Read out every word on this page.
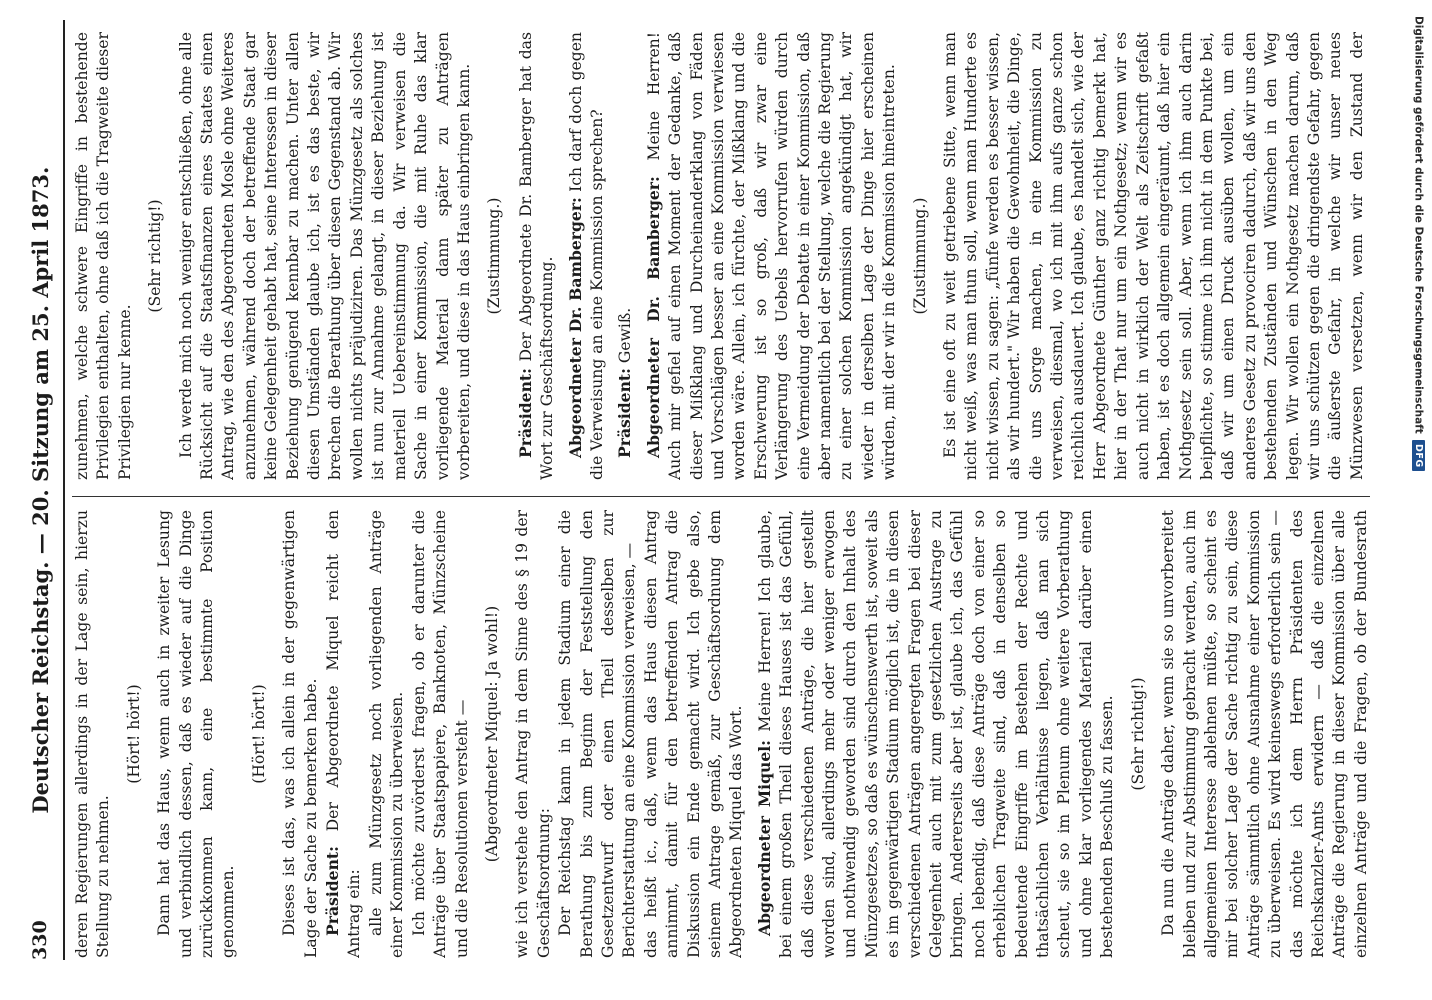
330
Deutscher Reichstag. — 20. Sitzung am 25. April 1873. deren Regierungen allerdings in der Lage sein, hierzu Stellung zu nehmen.

(Hört! hört!) Dann hat das Haus, wenn auch in zweiter Lesung und verbindlich dessen, daß es wieder auf die Dinge zurückkommen kann, eine bestimmte Position genommen.

(Hört! hört!) Dieses ist das, was ich allein in der gegenwärtigen Lage der Sache zu bemerken habe. Präsident: Der Abgeordnete Miquel reicht den Antrag ein: alle zum Münzgesetz noch vorliegenden Anträge einer Kommission zu überweisen. Ich möchte zuvörderst fragen, ob er darunter die Anträge über Staatspapiere, Banknoten, Münzscheine und die Resolutionen versteht — (Abgeordneter Miquel: Ja wohl!) wie ich verstehe den Antrag in dem Sinne des § 19 der Geschäftsordnung: Der Reichstag kann in jedem Stadium einer die Berathung bis zum Beginn der Feststellung den Gesetzentwurf oder einen Theil desselben zur Berichterstattung an eine Kommission verweisen, — das heißt ic., daß, wenn das Haus diesen Antrag annimmt, damit für den betreffenden Antrag die Diskussion ein Ende gemacht wird. Ich gebe also, seinem Antrage gemäß, zur Geschäftsordnung dem Abgeordneten Miquel das Wort. Abgeordneter Miquel: Meine Herren! Ich glaube, bei einem großen Theil dieses Hauses ist das Gefühl, daß diese verschiedenen Anträge, die hier gestellt worden sind, allerdings mehr oder weniger erwogen und nothwendig geworden sind durch den Inhalt des Münzgesetzes, so daß es wünschenswerth ist, soweit als es im gegenwärtigen Stadium möglich ist, die in diesen verschiedenen Anträgen angeregten Fragen bei dieser Gelegenheit auch mit zum gesetzlichen Austrage zu bringen. Andererseits aber ist, glaube ich, das Gefühl noch lebendig, daß diese Anträge doch von einer so erheblichen Tragweite sind, daß in denselben so bedeutende Eingriffe im Bestehen der Rechte und thatsächlichen Verhältnisse liegen, daß man sich scheut, sie so im Plenum ohne weitere Vorberathung und ohne klar vorliegendes Material darüber einen bestehenden Beschluß zu fassen. (Sehr richtig!)

Da nun die Anträge daher, wenn sie so unvorbereitet bleiben und zur Abstimmung gebracht werden, auch im allgemeinen Interesse ablehnen müßte, so scheint es mir bei solcher Lage der Sache richtig zu sein, diese Anträge sämmtlich ohne Ausnahme einer Kommission zu überweisen. Es wird keineswegs erforderlich sein — das möchte ich dem Herrn Präsidenten des Reichskanzler-Amts erwidern — daß die einzelnen Anträge die Regierung in dieser Kommission über alle einzelnen Anträge und die Fragen, ob der Bundesrath

zunehmen, welche schwere Eingriffe in bestehende Privilegien enthalten, ohne daß ich die Tragweite dieser Privilegien nur kenne.

(Sehr richtig!) Ich werde mich noch weniger entschließen, ohne alle Rücksicht auf die Staatsfinanzen eines Staates einen Antrag, wie den des Abgeordneten Mosle ohne Weiteres anzunehmen, während doch der betreffende Staat gar keine Gelegenheit gehabt hat, seine Interessen in dieser Beziehung genügend kennbar zu machen. Unter allen diesen Umständen glaube ich, ist es das beste, wir brechen die Berathung über diesen Gegenstand ab. Wir wollen nichts präjudiziren. Das Münzgesetz als solches ist nun zur Annahme gelangt, in dieser Beziehung ist materiell Uebereinstimmung da. Wir verweisen die Sache in einer Kommission, die mit Ruhe das klar vorliegende Material dann später zu Anträgen vorbereiten, und diese in das Haus einbringen kann. (Zustimmung.)

Präsident: Der Abgeordnete Dr. Bamberger hat das Wort zur Geschäftsordnung. Abgeordneter Dr. Bamberger: Ich darf doch gegen die Verweisung an eine Kommission sprechen? Präsident: Gewiß. Abgeordneter Dr. Bamberger: Meine Herren! Auch mir gefiel auf einen Moment der Gedanke, daß dieser Mißklang und Durcheinanderklang von Fäden und Vorschlägen besser an eine Kommission verwiesen worden wäre. Allein, ich fürchte, der Mißklang und die Erschwerung ist so groß, daß wir zwar eine Verlängerung des Uebels hervorrufen würden durch eine Vermeidung der Debatte in einer Kommission, daß aber namentlich bei der Stellung, welche die Regierung zu einer solchen Kommission angekündigt hat, wir wieder in derselben Lage der Dinge hier erscheinen würden, mit der wir in die Kommission hineintreten. (Zustimmung.)

Es ist eine oft zu weit getriebene Sitte, wenn man nicht weiß, was man thun soll, wenn man Hunderte es nicht wissen, zu sagen: „fünfe werden es besser wissen, als wir hundert." Wir haben die Gewohnheit, die Dinge, die uns Sorge machen, in eine Kommission zu verweisen, diesmal, wo ich mit ihm aufs ganze schon reichlich ausdauert. Ich glaube, es handelt sich, wie der Herr Abgeordnete Günther ganz richtig bemerkt hat, hier in der That nur um ein Nothgesetz; wenn wir es auch nicht in wirklich der Welt als Zeitschrift gefaßt haben, ist es doch allgemein eingeräumt, daß hier ein Nothgesetz sein soll. Aber, wenn ich ihm auch darin beipflichte, so stimme ich ihm nicht in dem Punkte bei, daß wir um einen Druck ausüben wollen, um ein anderes Gesetz zu provociren dadurch, daß wir uns den bestehenden Zuständen und Wünschen in den Weg legen. Wir wollen ein Nothgesetz machen darum, daß wir uns schützen gegen die dringendste Gefahr, gegen die äußerste Gefahr, in welche wir unser neues Münzwesen versetzen, wenn wir den Zustand der	Digitalisierung gefördert durch die Deutsche Forschungsgemeinschaft
DFG
